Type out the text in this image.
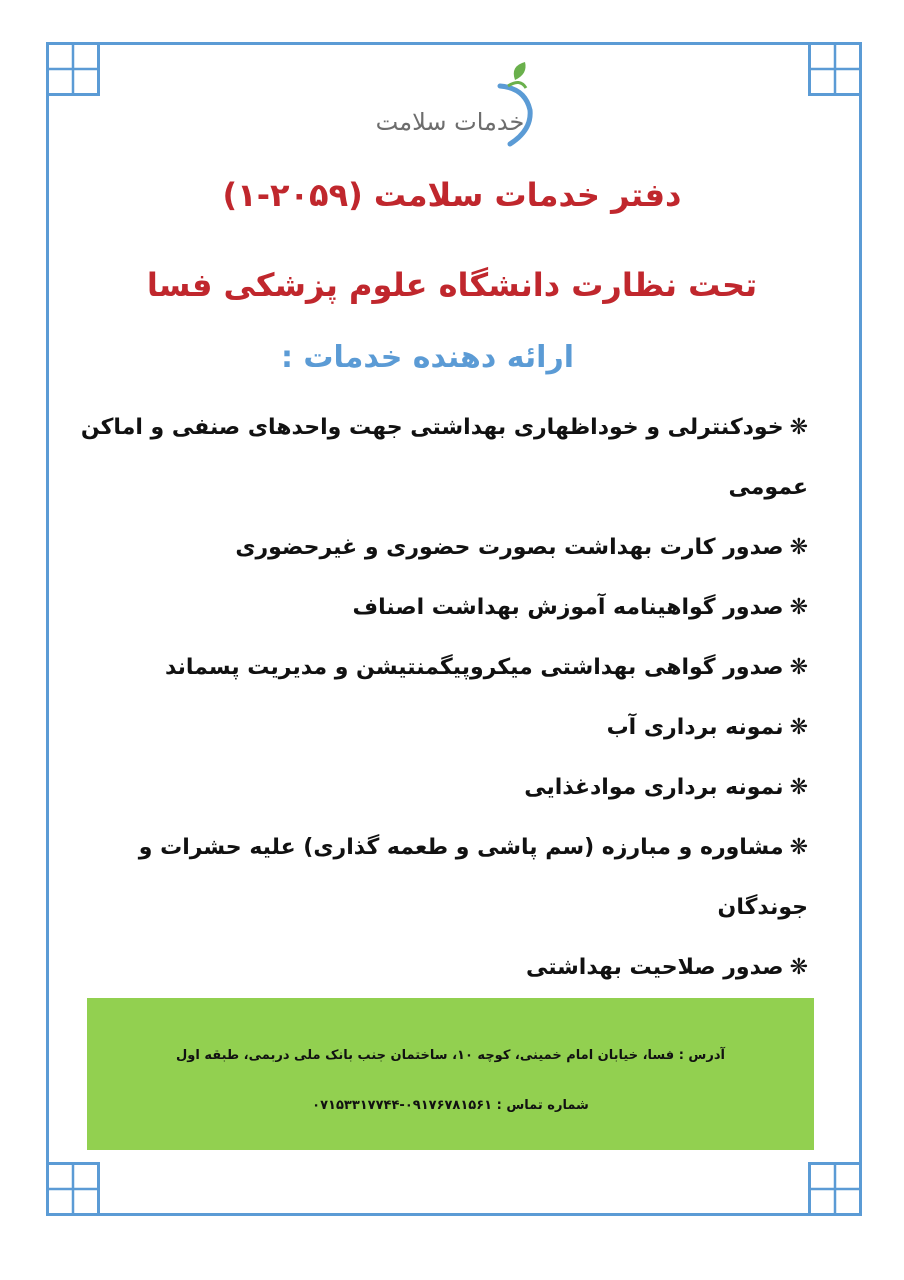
خدمات سلامت
دفتر خدمات سلامت (۲۰۵۹-۱)
تحت نظارت دانشگاه علوم پزشکی فسا
ارائه دهنده خدمات :
❋خودکنترلی و خوداظهاری بهداشتی جهت واحدهای صنفی و اماکن عمومی
❋صدور کارت بهداشت بصورت حضوری و غیرحضوری
❋صدور گواهینامه آموزش بهداشت اصناف
❋صدور گواهی بهداشتی میکروپیگمنتیشن و مدیریت پسماند
❋نمونه برداری آب
❋نمونه برداری موادغذایی
❋مشاوره و مبارزه (سم پاشی و طعمه گذاری) علیه حشرات و جوندگان
❋صدور صلاحیت بهداشتی
آدرس : فسا، خیابان امام خمینی، کوچه ۱۰، ساختمان جنب بانک ملی دربمی، طبقه اول
شماره تماس : ۰۹۱۷۶۷۸۱۵۶۱-۰۷۱۵۳۳۱۷۷۴۴
